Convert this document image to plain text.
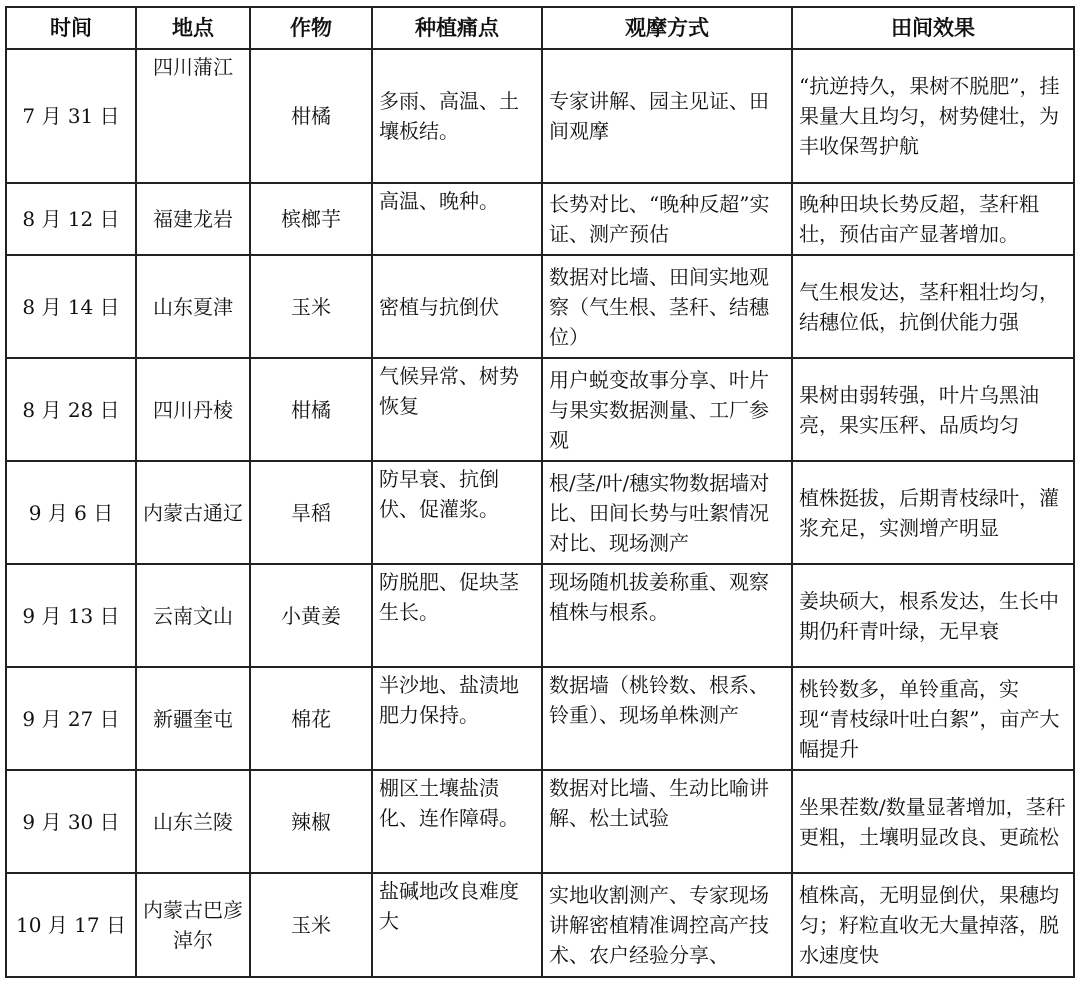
时间	地点	作物	种植痛点	观摩方式	田间效果
7 月 31 日	四川蒲江	柑橘	多雨、高温、土壤板结。	专家讲解、园主见证、田间观摩	“抗逆持久，果树不脱肥”，挂果量大且均匀，树势健壮，为丰收保驾护航
8 月 12 日	福建龙岩	槟榔芋	高温、晚种。	长势对比、“晚种反超”实证、测产预估	晚种田块长势反超，茎秆粗壮，预估亩产显著增加。
8 月 14 日	山东夏津	玉米	密植与抗倒伏	数据对比墙、田间实地观察（气生根、茎秆、结穗位）	气生根发达，茎秆粗壮均匀，结穗位低，抗倒伏能力强
8 月 28 日	四川丹棱	柑橘	气候异常、树势恢复	用户蜕变故事分享、叶片与果实数据测量、工厂参观	果树由弱转强，叶片乌黑油亮，果实压秤、品质均匀
9 月 6 日	内蒙古通辽	旱稻	防早衰、抗倒伏、促灌浆。	根/茎/叶/穗实物数据墙对比、田间长势与吐絮情况对比、现场测产	植株挺拔，后期青枝绿叶，灌浆充足，实测增产明显
9 月 13 日	云南文山	小黄姜	防脱肥、促块茎生长。	现场随机拔姜称重、观察植株与根系。	姜块硕大，根系发达，生长中期仍秆青叶绿，无早衰
9 月 27 日	新疆奎屯	棉花	半沙地、盐渍地肥力保持。	数据墙（桃铃数、根系、铃重）、现场单株测产	桃铃数多，单铃重高，实现“青枝绿叶吐白絮”，亩产大幅提升
9 月 30 日	山东兰陵	辣椒	棚区土壤盐渍化、连作障碍。	数据对比墙、生动比喻讲解、松土试验	坐果茬数/数量显著增加，茎秆更粗，土壤明显改良、更疏松
10 月 17 日	内蒙古巴彦淖尔	玉米	盐碱地改良难度大	实地收割测产、专家现场讲解密植精准调控高产技术、农户经验分享、	植株高，无明显倒伏，果穗均匀；籽粒直收无大量掉落，脱水速度快
